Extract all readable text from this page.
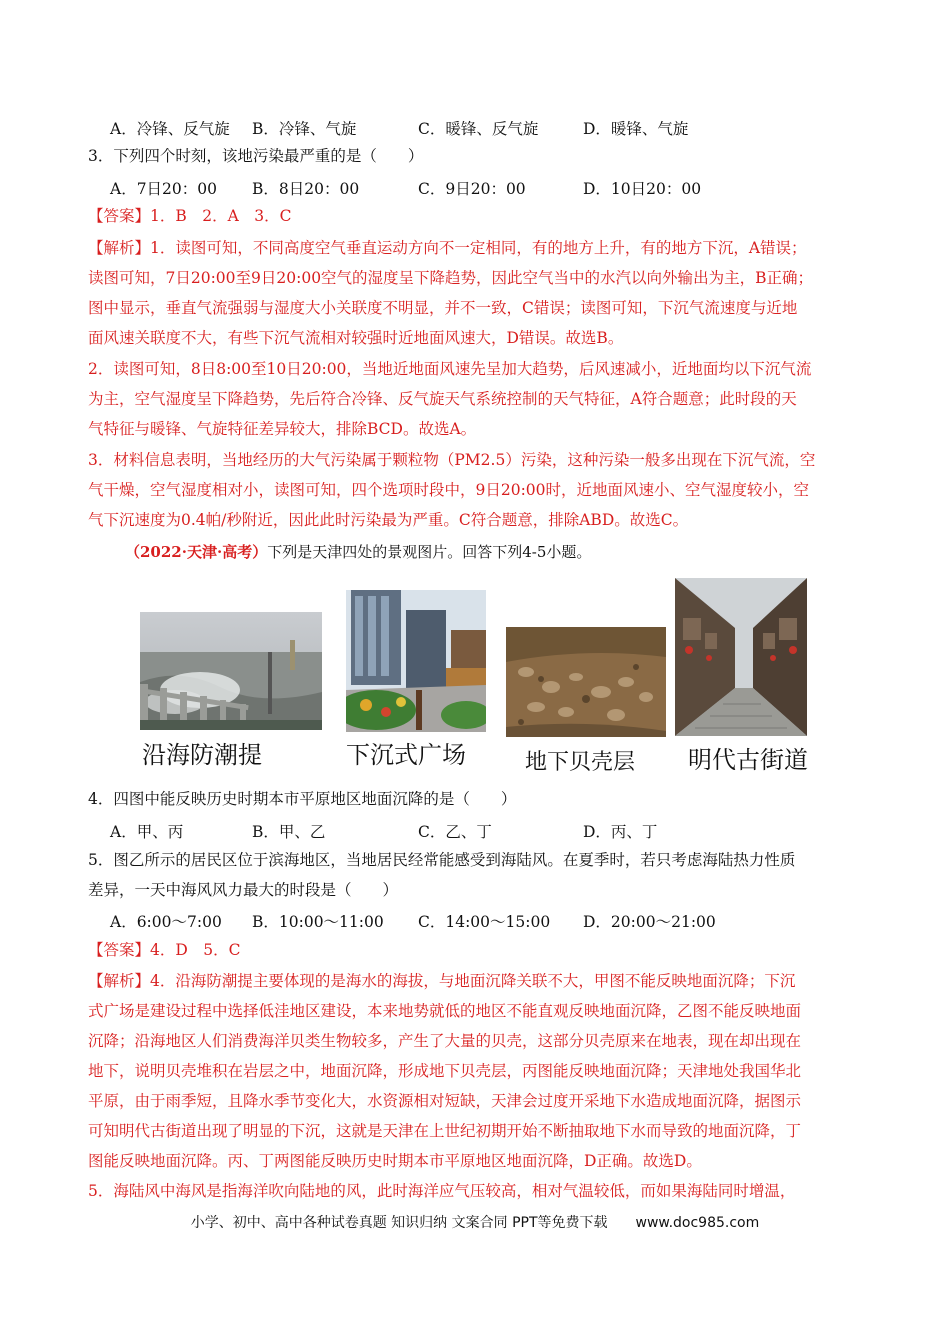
A．冷锋、反气旋 B．冷锋、气旋	C．暖锋、反气旋	D．暖锋、气旋
3．下列四个时刻，该地污染最严重的是（　　）
A．7日20：00 B．8日20：00	C．9日20：00	D．10日20：00
【答案】1．B　2．A　3．C
【解析】1．读图可知，不同高度空气垂直运动方向不一定相同，有的地方上升，有的地方下沉，A错误；
读图可知，7日20:00至9日20:00空气的湿度呈下降趋势，因此空气当中的水汽以向外输出为主，B正确；
图中显示，垂直气流强弱与湿度大小关联度不明显，并不一致，C错误；读图可知，下沉气流速度与近地
面风速关联度不大，有些下沉气流相对较强时近地面风速大，D错误。故选B。
2．读图可知，8日8:00至10日20:00，当地近地面风速先呈加大趋势，后风速减小，近地面均以下沉气流
为主，空气湿度呈下降趋势，先后符合冷锋、反气旋天气系统控制的天气特征，A符合题意；此时段的天
气特征与暖锋、气旋特征差异较大，排除BCD。故选A。
3．材料信息表明，当地经历的大气污染属于颗粒物（PM2.5）污染，这种污染一般多出现在下沉气流，空
气干燥，空气湿度相对小，读图可知，四个选项时段中，9日20:00时，近地面风速小、空气湿度较小，空
气下沉速度为0.4帕/秒附近，因此此时污染最为严重。C符合题意，排除ABD。故选C。
（2022·天津·高考）下列是天津四处的景观图片。回答下列4-5小题。
沿海防潮提	下沉式广场	地下贝壳层 明代古街道
4．四图中能反映历史时期本市平原地区地面沉降的是（　　）
A．甲、丙	B．甲、乙	C．乙、丁	D．丙、丁
5．图乙所示的居民区位于滨海地区，当地居民经常能感受到海陆风。在夏季时，若只考虑海陆热力性质
差异，一天中海风风力最大的时段是（　　）
A．6:00～7:00 B．10:00～11:00 C．14:00～15:00 D．20:00～21:00
【答案】4．D　5．C
【解析】4．沿海防潮提主要体现的是海水的海拔，与地面沉降关联不大，甲图不能反映地面沉降；下沉
式广场是建设过程中选择低洼地区建设，本来地势就低的地区不能直观反映地面沉降，乙图不能反映地面
沉降；沿海地区人们消费海洋贝类生物较多，产生了大量的贝壳，这部分贝壳原来在地表，现在却出现在
地下，说明贝壳堆积在岩层之中，地面沉降，形成地下贝壳层，丙图能反映地面沉降；天津地处我国华北
平原，由于雨季短，且降水季节变化大，水资源相对短缺，天津会过度开采地下水造成地面沉降，据图示
可知明代古街道出现了明显的下沉，这就是天津在上世纪初期开始不断抽取地下水而导致的地面沉降，丁
图能反映地面沉降。丙、丁两图能反映历史时期本市平原地区地面沉降，D正确。故选D。
5．海陆风中海风是指海洋吹向陆地的风，此时海洋应气压较高，相对气温较低，而如果海陆同时增温，
小学、初中、高中各种试卷真题 知识归纳 文案合同 PPT等免费下载　　www.doc985.com
